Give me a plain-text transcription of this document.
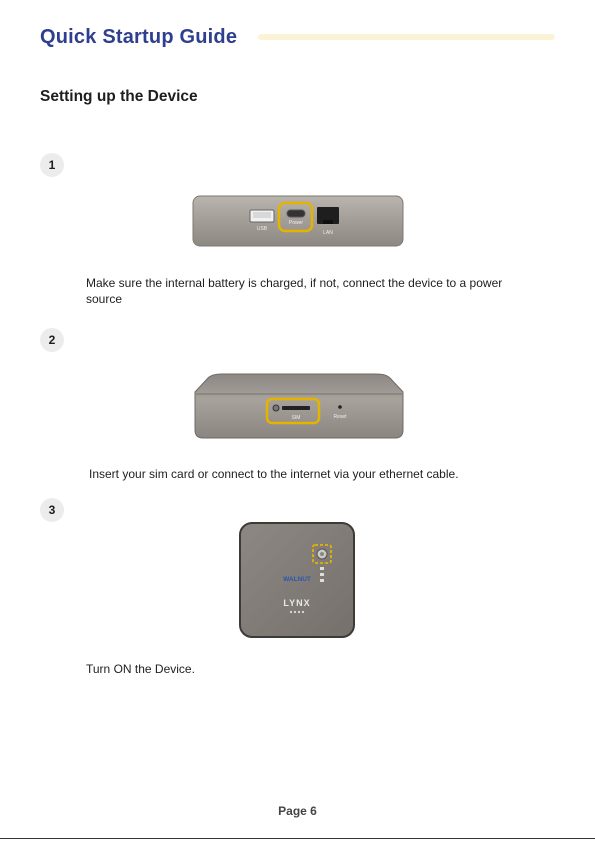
Quick Startup Guide
Setting up the Device
1
USB
Power
LAN
Make sure the internal battery is charged, if not, connect the device to a power source
2
SIM	Reset
Insert your sim card or connect to the internet via your ethernet cable.
3
WALNUT
LYNX
Turn ON the Device.
Page 6
